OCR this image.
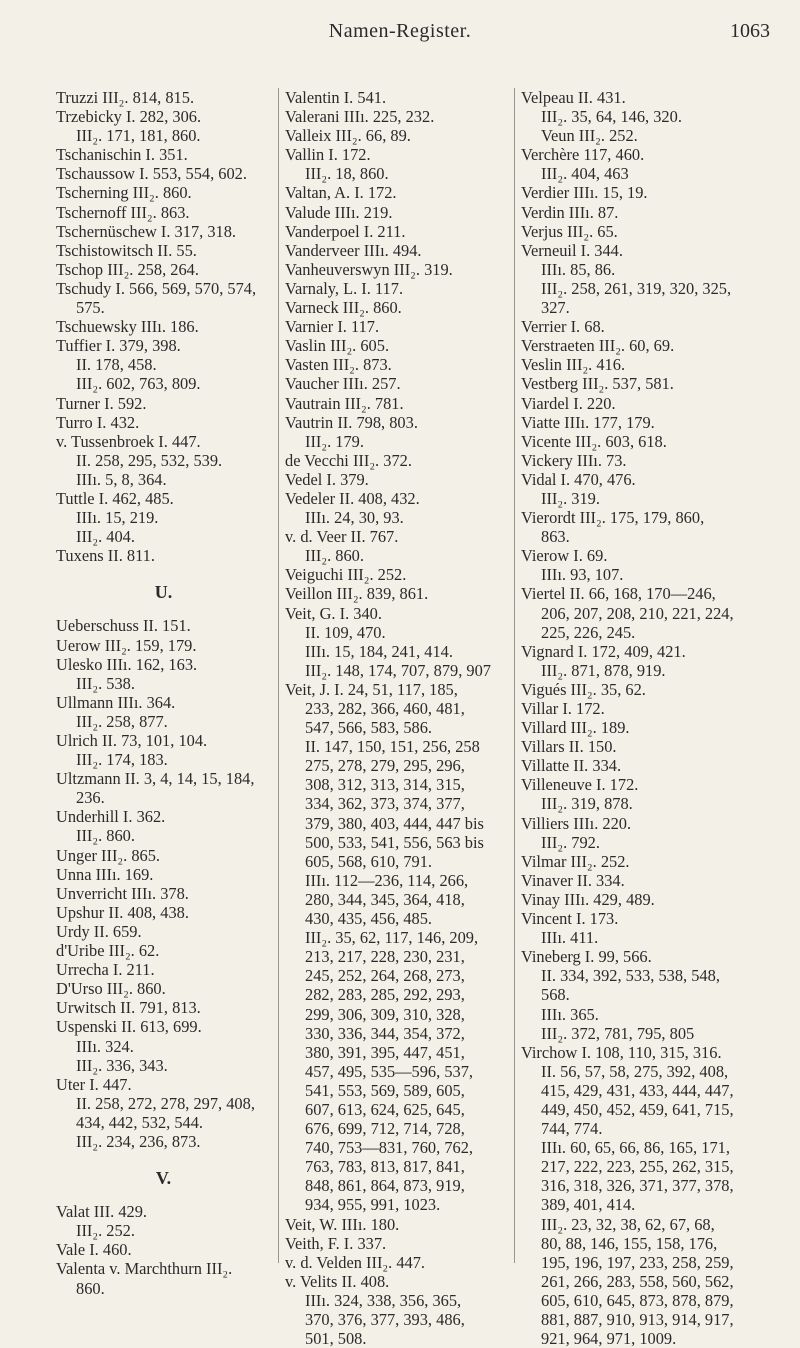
Namen-Register.	1063
Truzzi III₂. 814, 815.
Trzebicky I. 282, 306.
III₂. 171, 181, 860.
Tschanischin I. 351.
Tschaussow I. 553, 554, 602.
Tscherning III₂. 860.
Tschernoff III₂. 863.
Tschernüschew I. 317, 318.
Tschistowitsch II. 55.
Tschop III₂. 258, 264.
Tschudy I. 566, 569, 570, 574,
575.
Tschuewsky IIIı. 186.
Tuffier I. 379, 398.
II. 178, 458.
III₂. 602, 763, 809.
Turner I. 592.
Turro I. 432.
v. Tussenbroek I. 447.
II. 258, 295, 532, 539.
IIIı. 5, 8, 364.
Tuttle I. 462, 485.
IIIı. 15, 219.
III₂. 404.
Tuxens II. 811.
U.
Ueberschuss II. 151.
Uerow III₂. 159, 179.
Ulesko IIIı. 162, 163.
III₂. 538.
Ullmann IIIı. 364.
III₂. 258, 877.
Ulrich II. 73, 101, 104.
III₂. 174, 183.
Ultzmann II. 3, 4, 14, 15, 184,
236.
Underhill I. 362.
III₂. 860.
Unger III₂. 865.
Unna IIIı. 169.
Unverricht IIIı. 378.
Upshur II. 408, 438.
Urdy II. 659.
d'Uribe III₂. 62.
Urrecha I. 211.
D'Urso III₂. 860.
Urwitsch II. 791, 813.
Uspenski II. 613, 699.
IIIı. 324.
III₂. 336, 343.
Uter I. 447.
II. 258, 272, 278, 297, 408,
434, 442, 532, 544.
III₂. 234, 236, 873.
V.
Valat III. 429.
III₂. 252.
Vale I. 460.
Valenta v. Marchthurn III₂.
860.
Valentin I. 541.
Valerani IIIı. 225, 232.
Valleix III₂. 66, 89.
Vallin I. 172.
III₂. 18, 860.
Valtan, A. I. 172.
Valude IIIı. 219.
Vanderpoel I. 211.
Vanderveer IIIı. 494.
Vanheuverswyn III₂. 319.
Varnaly, L. I. 117.
Varneck III₂. 860.
Varnier I. 117.
Vaslin III₂. 605.
Vasten III₂. 873.
Vaucher IIIı. 257.
Vautrain III₂. 781.
Vautrin II. 798, 803.
III₂. 179.
de Vecchi III₂. 372.
Vedel I. 379.
Vedeler II. 408, 432.
IIIı. 24, 30, 93.
v. d. Veer II. 767.
III₂. 860.
Veiguchi III₂. 252.
Veillon III₂. 839, 861.
Veit, G. I. 340.
II. 109, 470.
IIIı. 15, 184, 241, 414.
III₂. 148, 174, 707, 879, 907
Veit, J. I. 24, 51, 117, 185,
233, 282, 366, 460, 481,
547, 566, 583, 586.
II. 147, 150, 151, 256, 258
275, 278, 279, 295, 296,
308, 312, 313, 314, 315,
334, 362, 373, 374, 377,
379, 380, 403, 444, 447 bis
500, 533, 541, 556, 563 bis
605, 568, 610, 791.
IIIı. 112—236, 114, 266,
280, 344, 345, 364, 418,
430, 435, 456, 485.
III₂. 35, 62, 117, 146, 209,
213, 217, 228, 230, 231,
245, 252, 264, 268, 273,
282, 283, 285, 292, 293,
299, 306, 309, 310, 328,
330, 336, 344, 354, 372,
380, 391, 395, 447, 451,
457, 495, 535—596, 537,
541, 553, 569, 589, 605,
607, 613, 624, 625, 645,
676, 699, 712, 714, 728,
740, 753—831, 760, 762,
763, 783, 813, 817, 841,
848, 861, 864, 873, 919,
934, 955, 991, 1023.
Veit, W. IIIı. 180.
Veith, F. I. 337.
v. d. Velden III₂. 447.
v. Velits II. 408.
IIIı. 324, 338, 356, 365,
370, 376, 377, 393, 486,
501, 508.
Velpeau II. 431.
III₂. 35, 64, 146, 320.
Veun III₂. 252.
Verchère 117, 460.
III₂. 404, 463
Verdier IIIı. 15, 19.
Verdin IIIı. 87.
Verjus III₂. 65.
Verneuil I. 344.
IIIı. 85, 86.
III₂. 258, 261, 319, 320, 325,
327.
Verrier I. 68.
Verstraeten III₂. 60, 69.
Veslin III₂. 416.
Vestberg III₂. 537, 581.
Viardel I. 220.
Viatte IIIı. 177, 179.
Vicente III₂. 603, 618.
Vickery IIIı. 73.
Vidal I. 470, 476.
III₂. 319.
Vierordt III₂. 175, 179, 860,
863.
Vierow I. 69.
IIIı. 93, 107.
Viertel II. 66, 168, 170—246,
206, 207, 208, 210, 221, 224,
225, 226, 245.
Vignard I. 172, 409, 421.
III₂. 871, 878, 919.
Vigués III₂. 35, 62.
Villar I. 172.
Villard III₂. 189.
Villars II. 150.
Villatte II. 334.
Villeneuve I. 172.
III₂. 319, 878.
Villiers IIIı. 220.
III₂. 792.
Vilmar III₂. 252.
Vinaver II. 334.
Vinay IIIı. 429, 489.
Vincent I. 173.
IIIı. 411.
Vineberg I. 99, 566.
II. 334, 392, 533, 538, 548,
568.
IIIı. 365.
III₂. 372, 781, 795, 805
Virchow I. 108, 110, 315, 316.
II. 56, 57, 58, 275, 392, 408,
415, 429, 431, 433, 444, 447,
449, 450, 452, 459, 641, 715,
744, 774.
IIIı. 60, 65, 66, 86, 165, 171,
217, 222, 223, 255, 262, 315,
316, 318, 326, 371, 377, 378,
389, 401, 414.
III₂. 23, 32, 38, 62, 67, 68,
80, 88, 146, 155, 158, 176,
195, 196, 197, 233, 258, 259,
261, 266, 283, 558, 560, 562,
605, 610, 645, 873, 878, 879,
881, 887, 910, 913, 914, 917,
921, 964, 971, 1009.
